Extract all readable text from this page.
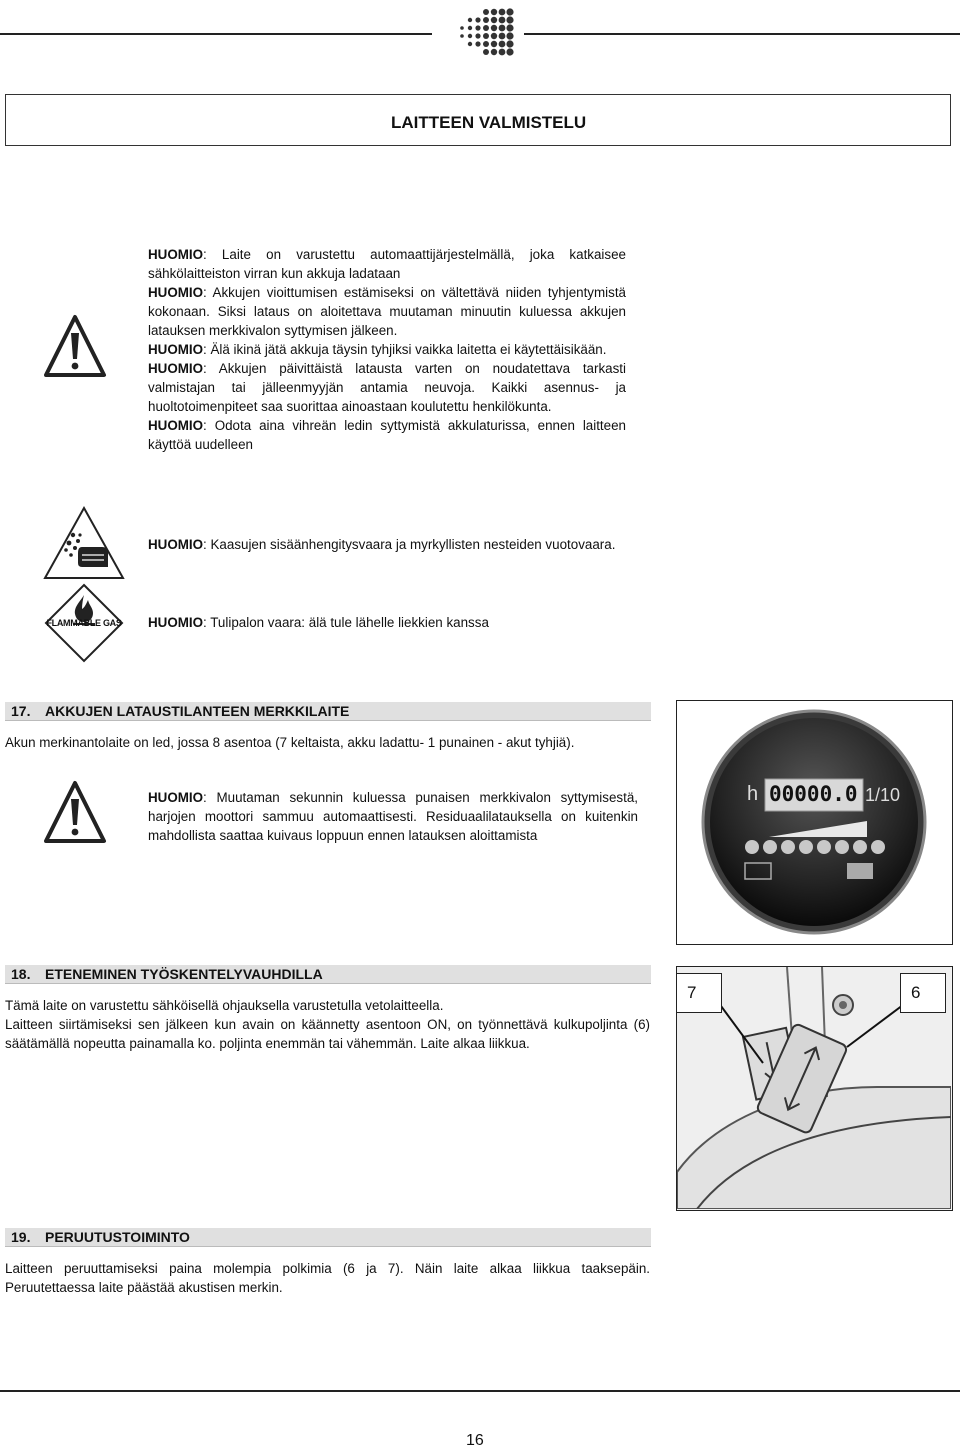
LAITTEEN VALMISTELU

HUOMIO: Laite on varustettu automaattijärjestelmällä, joka katkaisee sähkölaitteiston virran kun akkuja ladataan

HUOMIO: Akkujen vioittumisen estämiseksi on vältettävä niiden tyhjentymistä kokonaan. Siksi lataus on aloitettava muutaman minuutin kuluessa akkujen latauksen merkkivalon syttymisen jälkeen.

HUOMIO: Älä ikinä jätä akkuja täysin tyhjiksi vaikka laitetta ei käytettäisikään.

HUOMIO: Akkujen päivittäistä latausta varten on noudatettava tarkasti valmistajan tai jälleenmyyjän antamia neuvoja. Kaikki asennus- ja huoltotoimenpiteet saa suorittaa ainoastaan koulutettu henkilökunta.

HUOMIO: Odota aina vihreän ledin syttymistä akkulaturissa, ennen laitteen käyttöä uudelleen

HUOMIO: Kaasujen sisäänhengitysvaara ja myrkyllisten nesteiden vuotovaara.
FLAMMABLE GAS HUOMIO: Tulipalon vaara: älä tule lähelle liekkien kanssa
17. AKKUJEN LATAUSTILANTEEN MERKKILAITE
Akun merkinantolaite on led, jossa 8 asentoa (7 keltaista, akku ladattu- 1 punainen - akut tyhjiä).
HUOMIO: Muutaman sekunnin kuluessa punaisen merkkivalon syttymisestä, harjojen moottori sammuu automaattisesti. Residuaalilatauksella on kuitenkin mahdollista saattaa kuivaus loppuun ennen latauksen aloittamista
h 00000.0 1/10
18. ETENEMINEN TYÖSKENTELYVAUHDILLA

Tämä laite on varustettu sähköisellä ohjauksella varustetulla vetolaitteella.

Laitteen siirtämiseksi sen jälkeen kun avain on käännetty asentoon ON, on työnnettävä kulkupoljinta (6) säätämällä nopeutta painamalla ko. poljinta enemmän tai vähemmän. Laite alkaa liikkua.

7	6
19. PERUUTUSTOIMINTO
Laitteen peruuttamiseksi paina molempia polkimia (6 ja 7). Näin laite alkaa liikkua taaksepäin. Peruutettaessa laite päästää akustisen merkin.
16
